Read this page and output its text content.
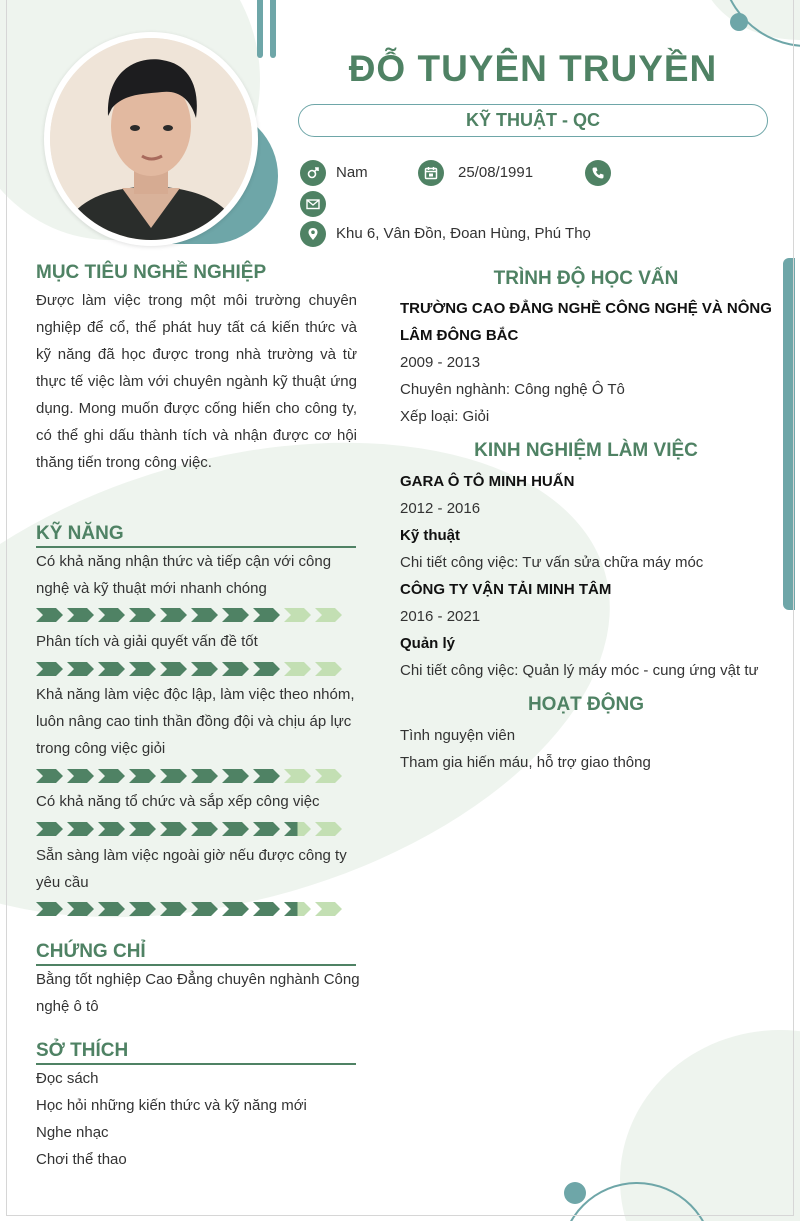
ĐỖ TUYÊN TRUYỀN
KỸ THUẬT - QC
Nam	25/08/1991
Khu 6, Vân Đồn, Đoan Hùng, Phú Thọ
MỤC TIÊU NGHỀ NGHIỆP
Được làm việc trong một môi trường chuyên nghiệp để cổ, thể phát huy tất cá kiến thức và kỹ năng đã học được trong nhà trường và từ thực tế việc làm với chuyên ngành kỹ thuật ứng dụng. Mong muốn được cống hiến cho công ty, có thể ghi dấu thành tích và nhận được cơ hội thăng tiến trong công việc.
KỸ NĂNG
Có khả năng nhận thức và tiếp cận với công nghệ và kỹ thuật mới nhanh chóng
Phân tích và giải quyết vấn đề tốt
Khả năng làm việc độc lập, làm việc theo nhóm, luôn nâng cao tinh thần đồng đội và chịu áp lực trong công việc giỏi
Có khả năng tổ chức và sắp xếp công việc
Sẵn sàng làm việc ngoài giờ nếu được công ty yêu cầu
CHỨNG CHỈ
Bằng tốt nghiệp Cao Đẳng chuyên nghành Công nghệ ô tô
SỞ THÍCH
Đọc sách
Học hỏi những kiến thức và kỹ năng mới
Nghe nhạc
Chơi thể thao
TRÌNH ĐỘ HỌC VẤN
TRƯỜNG CAO ĐẲNG NGHỀ CÔNG NGHỆ VÀ NÔNG LÂM ĐÔNG BẮC
2009 - 2013
Chuyên nghành: Công nghệ Ô Tô
Xếp loại: Giỏi
KINH NGHIỆM LÀM VIỆC
GARA Ô TÔ MINH HUẤN
2012 - 2016
Kỹ thuật
Chi tiết công việc: Tư vấn sửa chữa máy móc
CÔNG TY VẬN TẢI MINH TÂM
2016 - 2021
Quản lý
Chi tiết công việc: Quản lý máy móc - cung ứng vật tư
HOẠT ĐỘNG
Tình nguyện viên
Tham gia hiến máu, hỗ trợ giao thông
